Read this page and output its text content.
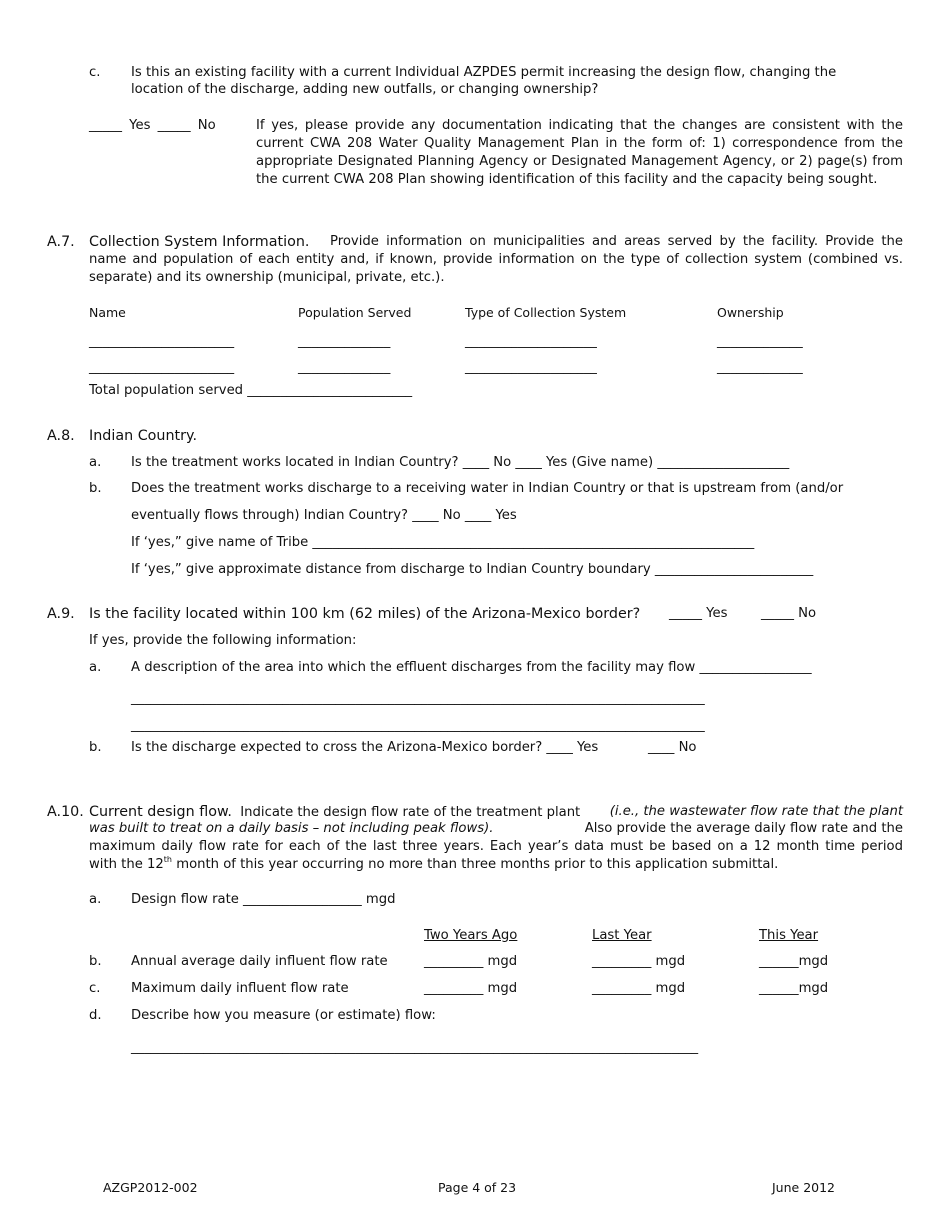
c. Is this an existing facility with a current Individual AZPDES permit increasing the design flow, changing the
location of the discharge, adding new outfalls, or changing ownership?
_____ Yes _____ No	If yes, please provide any documentation indicating that the changes are consistent with the current CWA 208 Water Quality Management Plan in the form of: 1) correspondence from the appropriate Designated Planning Agency or Designated Management Agency, or 2) page(s) from the current CWA 208 Plan showing identification of this facility and the capacity being sought.
A.7.	Provide information on municipalities and areas served by the facility. Provide the name and population of each entity and, if known, provide information on the type of collection system (combined vs. separate) and its ownership (municipal, private, etc.).
Collection System Information.
Name	Population Served	Type of Collection System	Ownership
______________________	______________	____________________	_____________
______________________	______________	____________________	_____________
Total population served _________________________
A.8. Indian Country.
a. Is the treatment works located in Indian Country? ____ No ____ Yes (Give name) ____________________
b. Does the treatment works discharge to a receiving water in Indian Country or that is upstream from (and/or
eventually flows through) Indian Country? ____ No ____ Yes
If ‘yes,” give name of Tribe ___________________________________________________________________
If ‘yes,” give approximate distance from discharge to Indian Country boundary ________________________
A.9. Is the facility located within 100 km (62 miles) of the Arizona-Mexico border? _____ Yes	_____ No
If yes, provide the following information:
a. A description of the area into which the effluent discharges from the facility may flow _________________
_______________________________________________________________________________________
_______________________________________________________________________________________
b. Is the discharge expected to cross the Arizona-Mexico border? ____ Yes	____ No
A.10. Current design flow. Indicate the design flow rate of the treatment plant (i.e., the wastewater flow rate that the plant
was built to treat on a daily basis – not including peak flows).	Also provide the average daily flow rate and the
maximum daily flow rate for each of the last three years. Each year’s data must be based on a 12 month time period
with the 12th month of this year occurring no more than three months prior to this application submittal.
a. Design flow rate __________________ mgd
Two Years Ago	Last Year	This Year
b. Annual average daily influent flow rate	_________ mgd	_________ mgd	______mgd
c. Maximum daily influent flow rate	_________ mgd	_________ mgd	______mgd
d. Describe how you measure (or estimate) flow:
______________________________________________________________________________________
AZGP2012-002	Page 4 of 23	June 2012
